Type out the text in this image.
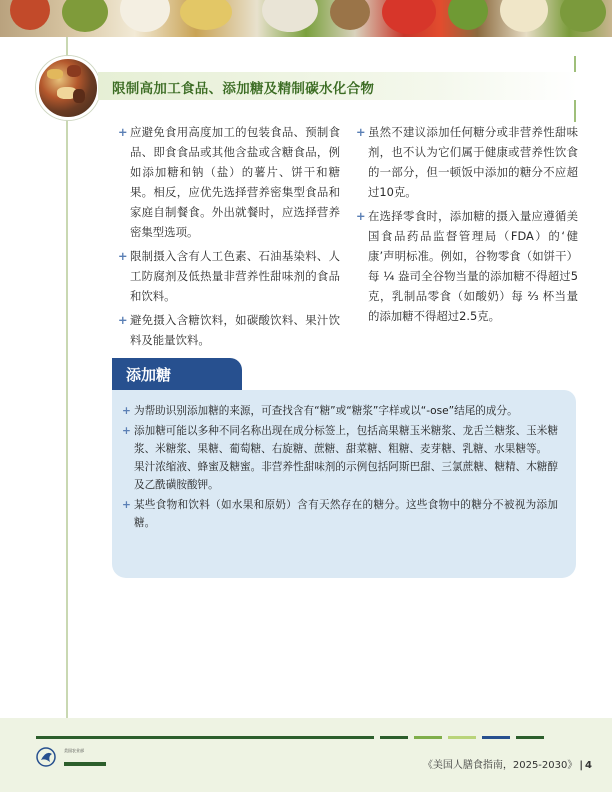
限制高加工食品、添加糖及精制碳水化合物
+ 应避免食用高度加工的包装食品、预制食品、即食食品或其他含盐或含糖食品，例如添加糖和钠（盐）的薯片、饼干和糖果。相反，应优先选择营养密集型食品和家庭自制餐食。外出就餐时，应选择营养密集型选项。
+ 限制摄入含有人工色素、石油基染料、人工防腐剂及低热量非营养性甜味剂的食品和饮料。
+ 避免摄入含糖饮料，如碳酸饮料、果汁饮料及能量饮料。
+ 虽然不建议添加任何糖分或非营养性甜味剂，也不认为它们属于健康或营养性饮食的一部分，但一顿饭中添加的糖分不应超过10克。
+ 在选择零食时，添加糖的摄入量应遵循美国食品药品监督管理局（FDA）的‘健康’声明标准。例如，谷物零食（如饼干）每 ¼ 盎司全谷物当量的添加糖不得超过5克，乳制品零食（如酸奶）每 ⅔ 杯当量的添加糖不得超过2.5克。
添加糖
+ 为帮助识别添加糖的来源，可查找含有“糖”或“糖浆”字样或以“-ose”结尾的成分。
+ 添加糖可能以多种不同名称出现在成分标签上，包括高果糖玉米糖浆、龙舌兰糖浆、玉米糖浆、米糖浆、果糖、葡萄糖、右旋糖、蔗糖、甜菜糖、粗糖、麦芽糖、乳糖、水果糖等。
果汁浓缩液、蜂蜜及糖蜜。非营养性甜味剂的示例包括阿斯巴甜、三氯蔗糖、糖精、木糖醇及乙酰磺胺酸钾。
+ 某些食物和饮料（如水果和原奶）含有天然存在的糖分。这些食物中的糖分不被视为添加糖。
美国农业部
《美国人膳食指南，2025-2030》 | 4
